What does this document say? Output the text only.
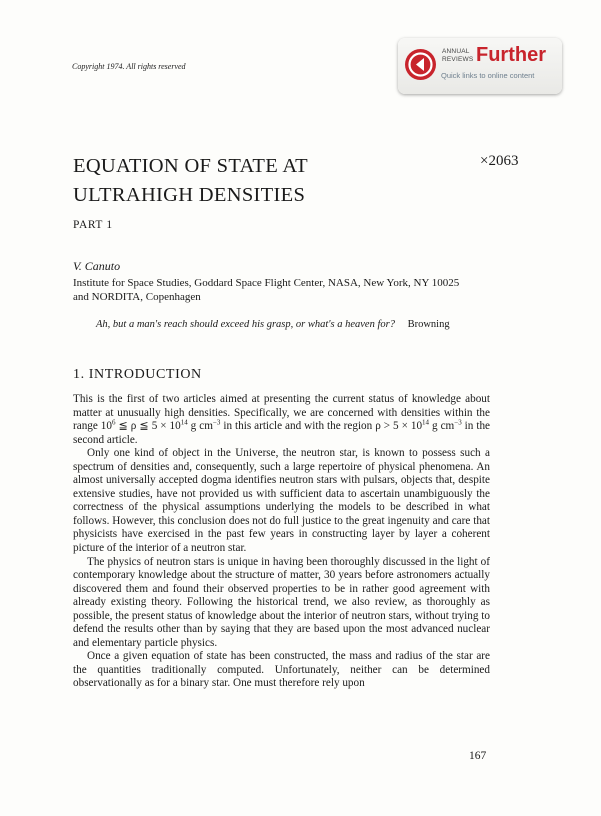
Copyright 1974. All rights reserved
ANNUAL
REVIEWS Further
Quick links to online content
EQUATION OF STATE AT
ULTRAHIGH DENSITIES
×2063
PART 1
V. Canuto
Institute for Space Studies, Goddard Space Flight Center, NASA, New York, NY 10025
and NORDITA, Copenhagen
Ah, but a man's reach should exceed his grasp, or what's a heaven for? Browning
1. INTRODUCTION

This is the first of two articles aimed at presenting the current status of knowledge about matter at unusually high densities. Specifically, we are concerned with densities within the range $10^6$ ≦ ρ ≦ $5 \times 10^{14}$ g $cm^{-3}$ in this article and with the region $\rho > 5 \times 10^{14}$ g $cm^{-3}$ in the second article.

Only one kind of object in the Universe, the neutron star, is known to possess such a spectrum of densities and, consequently, such a large repertoire of physical phenomena. An almost universally accepted dogma identifies neutron stars with pulsars, objects that, despite extensive studies, have not provided us with sufficient data to ascertain unambiguously the correctness of the physical assumptions underlying the models to be described in what follows. However, this conclusion does not do full justice to the great ingenuity and care that physicists have exercised in the past few years in constructing layer by layer a coherent picture of the interior of a neutron star.

The physics of neutron stars is unique in having been thoroughly discussed in the light of contemporary knowledge about the structure of matter, 30 years before astronomers actually discovered them and found their observed properties to be in rather good agreement with already existing theory. Following the historical trend, we also review, as thoroughly as possible, the present status of knowledge about the interior of neutron stars, without trying to defend the results other than by saying that they are based upon the most advanced nuclear and elementary particle physics.

Once a given equation of state has been constructed, the mass and radius of the star are the quantities traditionally computed. Unfortunately, neither can be determined observationally as for a binary star. One must therefore rely upon

167
